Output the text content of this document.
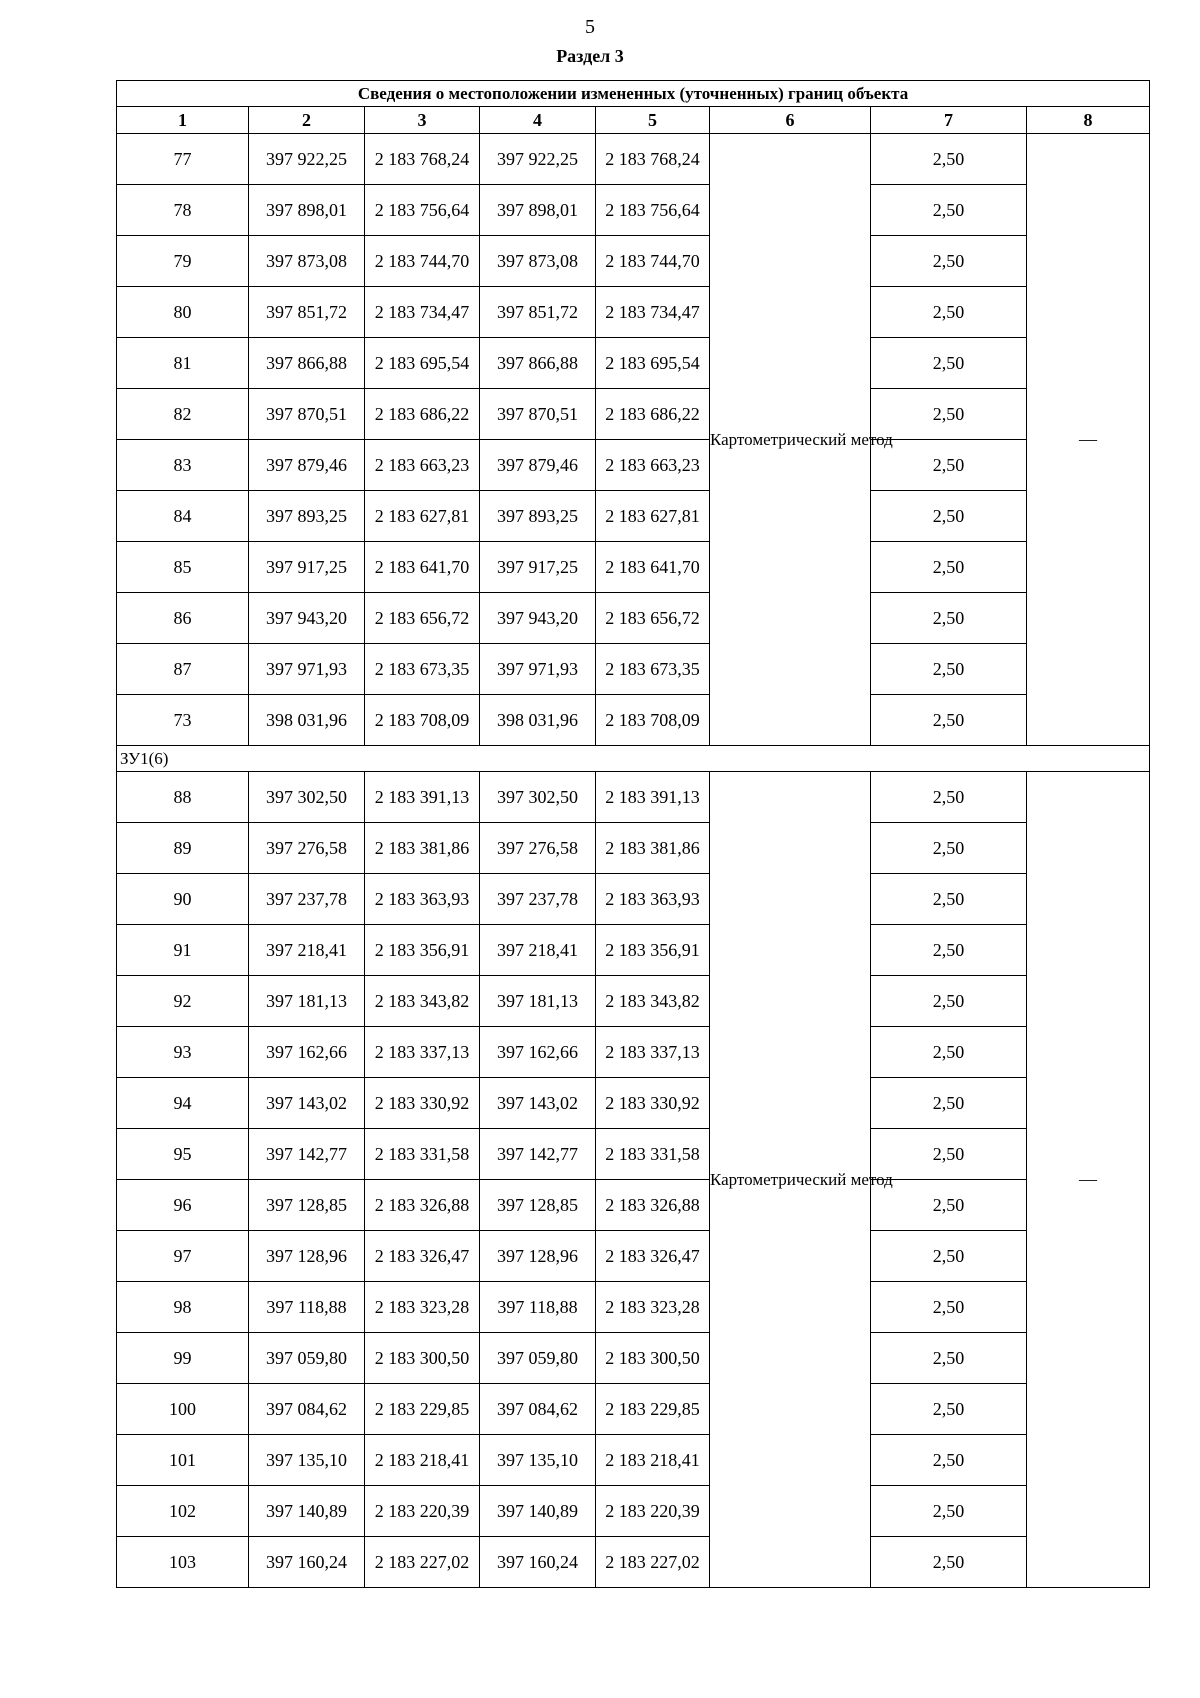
5
Раздел 3
Сведения о местоположении измененных (уточненных) границ объекта							
1	2	3	4	5	6	7	8
77	397 922,25	2 183 768,24	397 922,25	2 183 768,24	Картометрический метод	2,50	—
78	397 898,01	2 183 756,64	397 898,01	2 183 756,64		2,50	
79	397 873,08	2 183 744,70	397 873,08	2 183 744,70		2,50	
80	397 851,72	2 183 734,47	397 851,72	2 183 734,47		2,50	
81	397 866,88	2 183 695,54	397 866,88	2 183 695,54		2,50	
82	397 870,51	2 183 686,22	397 870,51	2 183 686,22		2,50	
83	397 879,46	2 183 663,23	397 879,46	2 183 663,23		2,50	
84	397 893,25	2 183 627,81	397 893,25	2 183 627,81		2,50	
85	397 917,25	2 183 641,70	397 917,25	2 183 641,70		2,50	
86	397 943,20	2 183 656,72	397 943,20	2 183 656,72		2,50	
87	397 971,93	2 183 673,35	397 971,93	2 183 673,35		2,50	
73	398 031,96	2 183 708,09	398 031,96	2 183 708,09		2,50	
ЗУ1(6)							
88	397 302,50	2 183 391,13	397 302,50	2 183 391,13	Картометрический метод	2,50	—
89	397 276,58	2 183 381,86	397 276,58	2 183 381,86		2,50	
90	397 237,78	2 183 363,93	397 237,78	2 183 363,93		2,50	
91	397 218,41	2 183 356,91	397 218,41	2 183 356,91		2,50	
92	397 181,13	2 183 343,82	397 181,13	2 183 343,82		2,50	
93	397 162,66	2 183 337,13	397 162,66	2 183 337,13		2,50	
94	397 143,02	2 183 330,92	397 143,02	2 183 330,92		2,50	
95	397 142,77	2 183 331,58	397 142,77	2 183 331,58		2,50	
96	397 128,85	2 183 326,88	397 128,85	2 183 326,88		2,50	
97	397 128,96	2 183 326,47	397 128,96	2 183 326,47		2,50	
98	397 118,88	2 183 323,28	397 118,88	2 183 323,28		2,50	
99	397 059,80	2 183 300,50	397 059,80	2 183 300,50		2,50	
100	397 084,62	2 183 229,85	397 084,62	2 183 229,85		2,50	
101	397 135,10	2 183 218,41	397 135,10	2 183 218,41		2,50	
102	397 140,89	2 183 220,39	397 140,89	2 183 220,39		2,50	
103	397 160,24	2 183 227,02	397 160,24	2 183 227,02		2,50	
